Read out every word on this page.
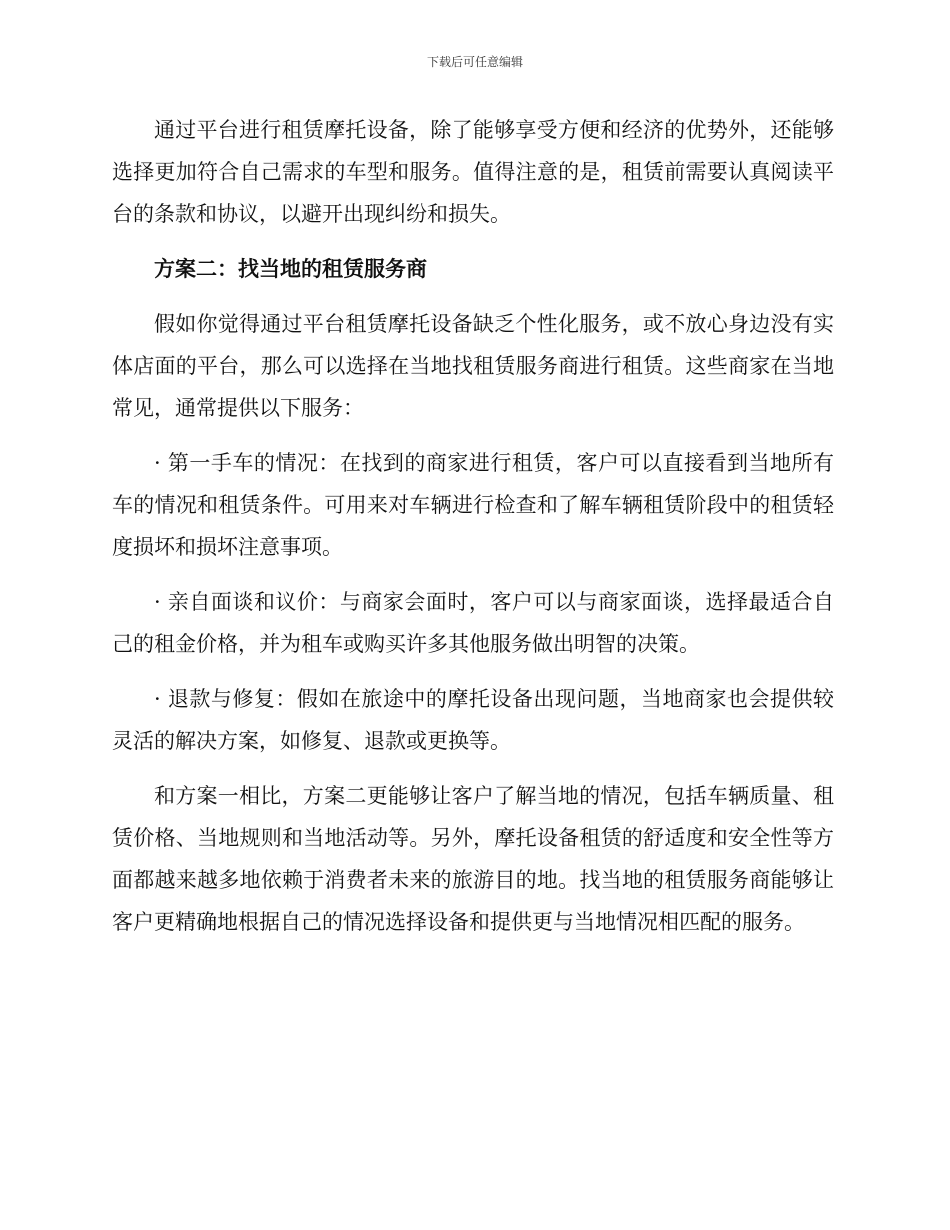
下载后可任意编辑

通过平台进行租赁摩托设备，除了能够享受方便和经济的优势外，还能够选择更加符合自己需求的车型和服务。值得注意的是，租赁前需要认真阅读平台的条款和协议，以避开出现纠纷和损失。

方案二：找当地的租赁服务商

假如你觉得通过平台租赁摩托设备缺乏个性化服务，或不放心身边没有实体店面的平台，那么可以选择在当地找租赁服务商进行租赁。这些商家在当地常见，通常提供以下服务：

· 第一手车的情况：在找到的商家进行租赁，客户可以直接看到当地所有车的情况和租赁条件。可用来对车辆进行检查和了解车辆租赁阶段中的租赁轻度损坏和损坏注意事项。

· 亲自面谈和议价：与商家会面时，客户可以与商家面谈，选择最适合自己的租金价格，并为租车或购买许多其他服务做出明智的决策。

· 退款与修复：假如在旅途中的摩托设备出现问题，当地商家也会提供较灵活的解决方案，如修复、退款或更换等。

和方案一相比，方案二更能够让客户了解当地的情况，包括车辆质量、租赁价格、当地规则和当地活动等。另外，摩托设备租赁的舒适度和安全性等方面都越来越多地依赖于消费者未来的旅游目的地。找当地的租赁服务商能够让客户更精确地根据自己的情况选择设备和提供更与当地情况相匹配的服务。
